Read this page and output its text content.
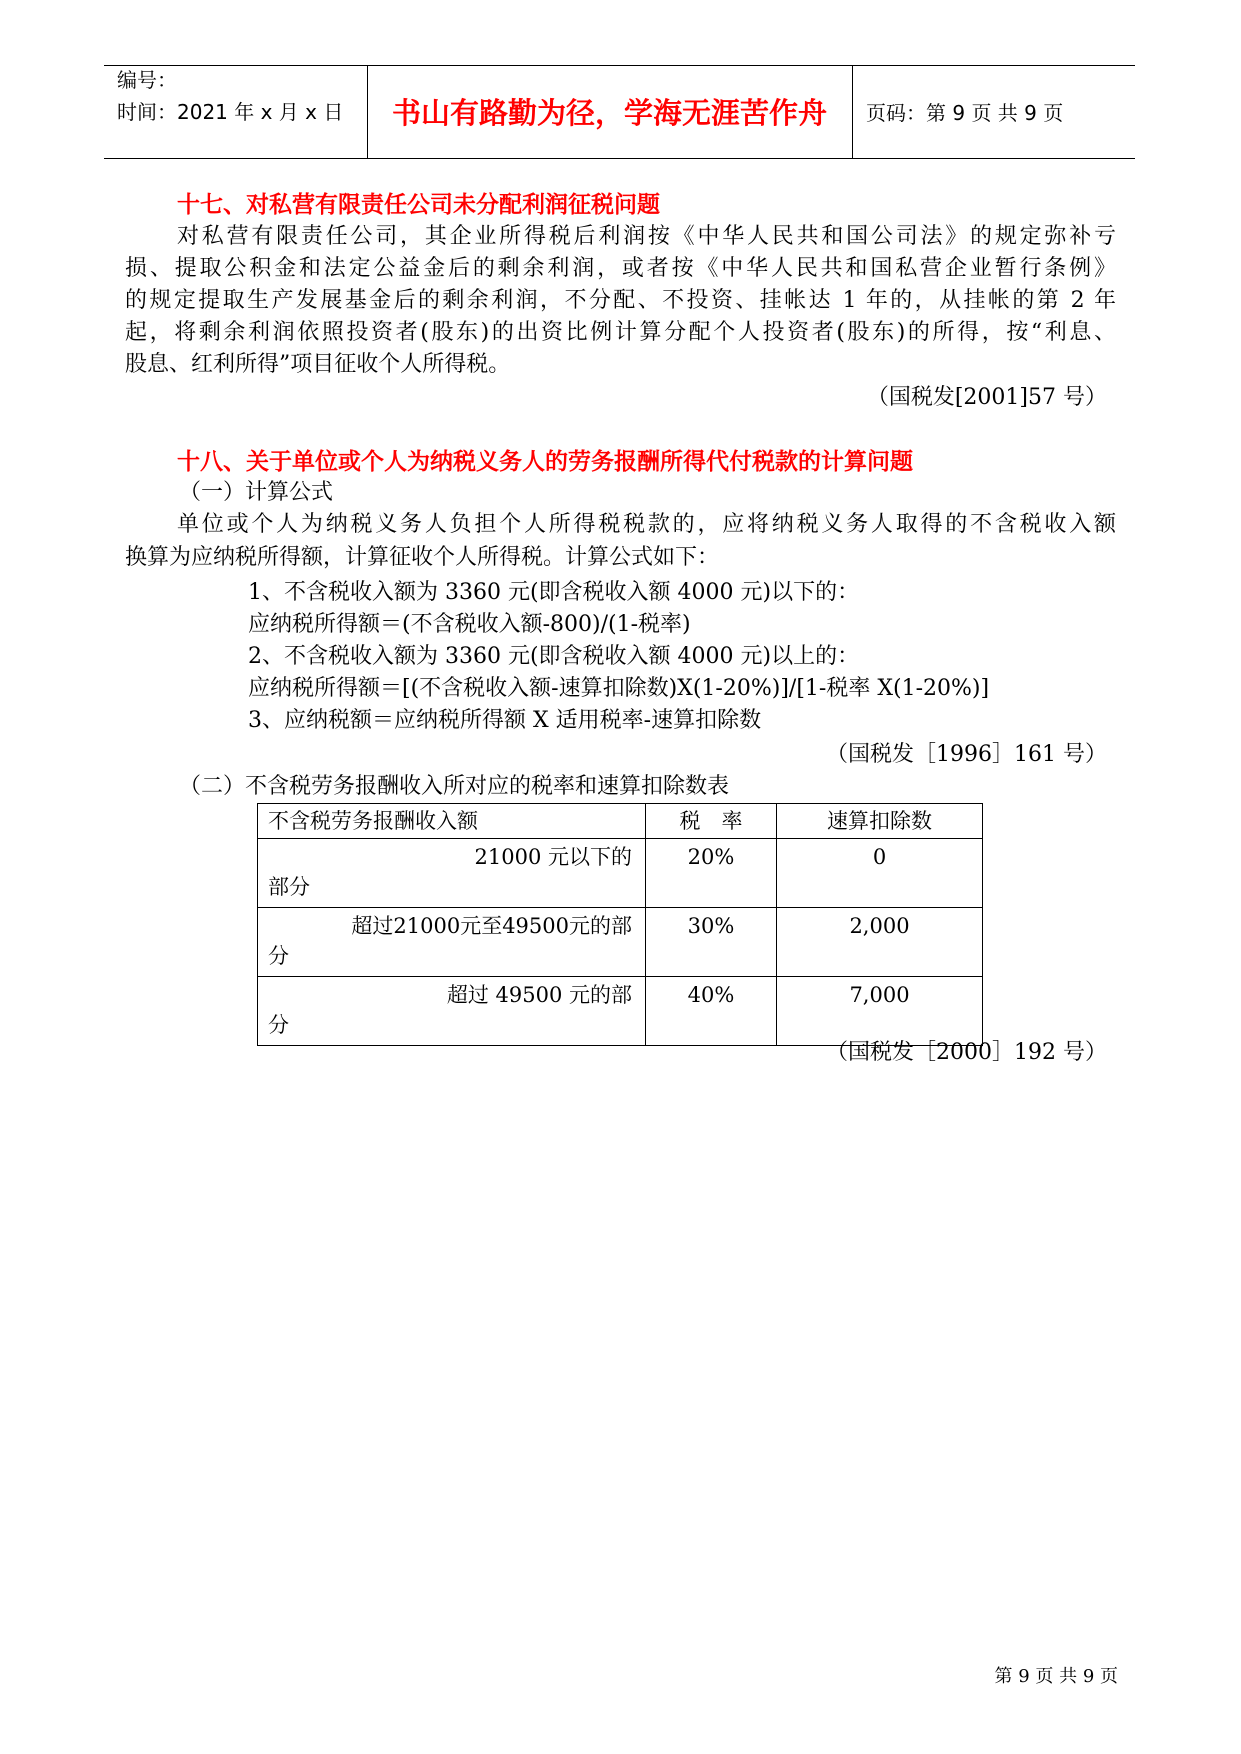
编号：
时间：2021 年 x 月 x 日	书山有路勤为径，学海无涯苦作舟	页码：第 9 页 共 9 页
十七、对私营有限责任公司未分配利润征税问题
对私营有限责任公司，其企业所得税后利润按《中华人民共和国公司法》的规定弥补亏
损、提取公积金和法定公益金后的剩余利润，或者按《中华人民共和国私营企业暂行条例》
的规定提取生产发展基金后的剩余利润，不分配、不投资、挂帐达 1 年的，从挂帐的第 2 年
起，将剩余利润依照投资者(股东)的出资比例计算分配个人投资者(股东)的所得，按“利息、
股息、红利所得”项目征收个人所得税。
（国税发[2001]57 号）
十八、关于单位或个人为纳税义务人的劳务报酬所得代付税款的计算问题
（一）计算公式
单位或个人为纳税义务人负担个人所得税税款的，应将纳税义务人取得的不含税收入额
换算为应纳税所得额，计算征收个人所得税。计算公式如下：
1、不含税收入额为 3360 元(即含税收入额 4000 元)以下的：
应纳税所得额＝(不含税收入额-800)/(1-税率)
2、不含税收入额为 3360 元(即含税收入额 4000 元)以上的：
应纳税所得额＝[(不含税收入额-速算扣除数)X(1-20%)]/[1-税率 X(1-20%)]
3、应纳税额＝应纳税所得额 X 适用税率-速算扣除数
（国税发［1996］161 号）
（二）不含税劳务报酬收入所对应的税率和速算扣除数表
不含税劳务报酬收入额	税　率	速算扣除数

21000 元以下的
部分	20%	0

超过21000元至49500元的部
分	30%	2,000

超过 49500 元的部
分	40%	7,000
（国税发［2000］192 号）
第 9 页 共 9 页
